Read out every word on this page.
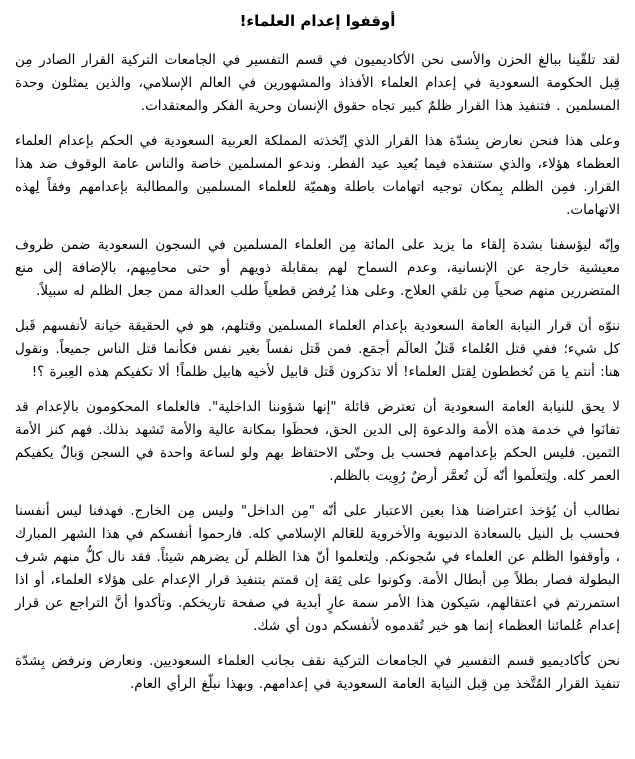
أوقفوا إعدام العلماء!

لقد تلقّينا ببالغ الحزن والأسى نحن الأكاديميون في قسم التفسير في الجامعات التركية القرار الصادر مِن قِبل الحكومة السعودية في إعدام العلماء الأفذاذ والمشهورين في العالم الإسلامي، والذين يمثلون وحدة المسلمين . فتنفيذ هذا القرار ظلمٌ كبير تجاه حقوق الإنسان وحرية الفكر والمعتقدات.

وعلى هذا فنحن نعارض بِشدّة هذا القرار الذي اِتّخذته المملكة العربية السعودية في الحكم بإعدام العلماء العظماء هؤلاء، والذي ستنفذه فيما بُعيد عيد الفطر. وندعو المسلمين خاصة والناس عامة الوقوف ضد هذا القرار. فمِن الظلم بِمكان توجيه اتهامات باطلة وهميّة للعلماء المسلمين والمطالبة بإعدامهم وفقاً لِهذه الاتهامات.

وإنّه ليؤسفنا بشدة إلقاء ما يزيد على المائة مِن العلماء المسلمين في السجون السعودية ضمن ظروف معيشية خارجة عن الإنسانية، وعدم السماح لهم بمقابلة ذويهم أو حتى محامِيهم، بالإضافة إلى منع المتضررين منهم صحياً مِن تلقي العلاج. وعلى هذا يُرفض قطعياً طلب العدالة ممن جعل الظلم له سبيلاً.

ننوّه أن قرار النيابة العامة السعودية بإعدام العلماء المسلمين وقتلهم، هو في الحقيقة خيانة لأنفسهم قَبل كل شيء؛ ففي قتل العُلماء قَتلُ العالَم أجمَع. فمن قَتل نفساً بغير نفس فكأنما قتل الناس جميعاً. ونقول هنا: أنتم يا مَن تُخططون لِقتل العلماء! ألا تذكرون قَتل قابيل لأخيه هابيل ظلماً! ألا تكفيكم هذه العِبرة ؟!

لا يحق للنيابة العامة السعودية أن تعترض قائلة "إنها شؤوننا الداخلية". فالعلماء المحكومون بالإعدام قد تفانَوا في خدمة هذه الأمة والدعوة إلى الدين الحق، فحظَوا بمكانة عالية والأمة تَشهد بذلك. فهم كنز الأمة الثمين. فليس الحكم بإعدامهم فحسب بل وحتّى الاحتفاظ بهم ولو لساعة واحدة في السجن وَبالٌ يكفيكم العمر كله. ولِتعلَموا أنّه لَن تُعمَّر أرضٌ رُوِيت بالظلم.

نطالب أن يُؤخذ اعتراضنا هذا بعين الاعتبار على أنّه "مِن الداخل" وليس مِن الخارج. فهدفنا ليس أنفسنا فحسب بل النيل بالسعادة الدنيوية والأخروية للعَالم الإسلامي كله. فارحموا أنفسكم في هذا الشهر المبارك ، وأوقفوا الظلم عن العلماء في سُجونكم. ولِتعلموا أنّ هذا الظلم لَن يضرهم شيئاً. فقد نال كلُّ منهم شرف البطولة فصار بطلاً مِن أبطال الأمة. وكونوا على ثِقة إن قمتم بتنفيذ قرار الإعدام على هؤلاء العلماء، أو اذا استمررتم في اعتقالهم، سَيكون هذا الأمر سمة عارٍ أبدية في صفحة تاريخكم. وتأكدوا أنَّ التراجع عن قرار إعدام عُلمائنا العظماء إنما هو خير تُقدموه لأنفسكم دون أي شك.

نحن كأكاديميو قسم التفسير في الجامعات التركية نقف بجانب العلماء السعوديين. ونعارض ونرفض بِشدّة تنفيذ القرار المُتَّخذ مِن قِبل النيابة العامة السعودية في إعدامهم. وبهذا نبلّغ الرأي العام.
